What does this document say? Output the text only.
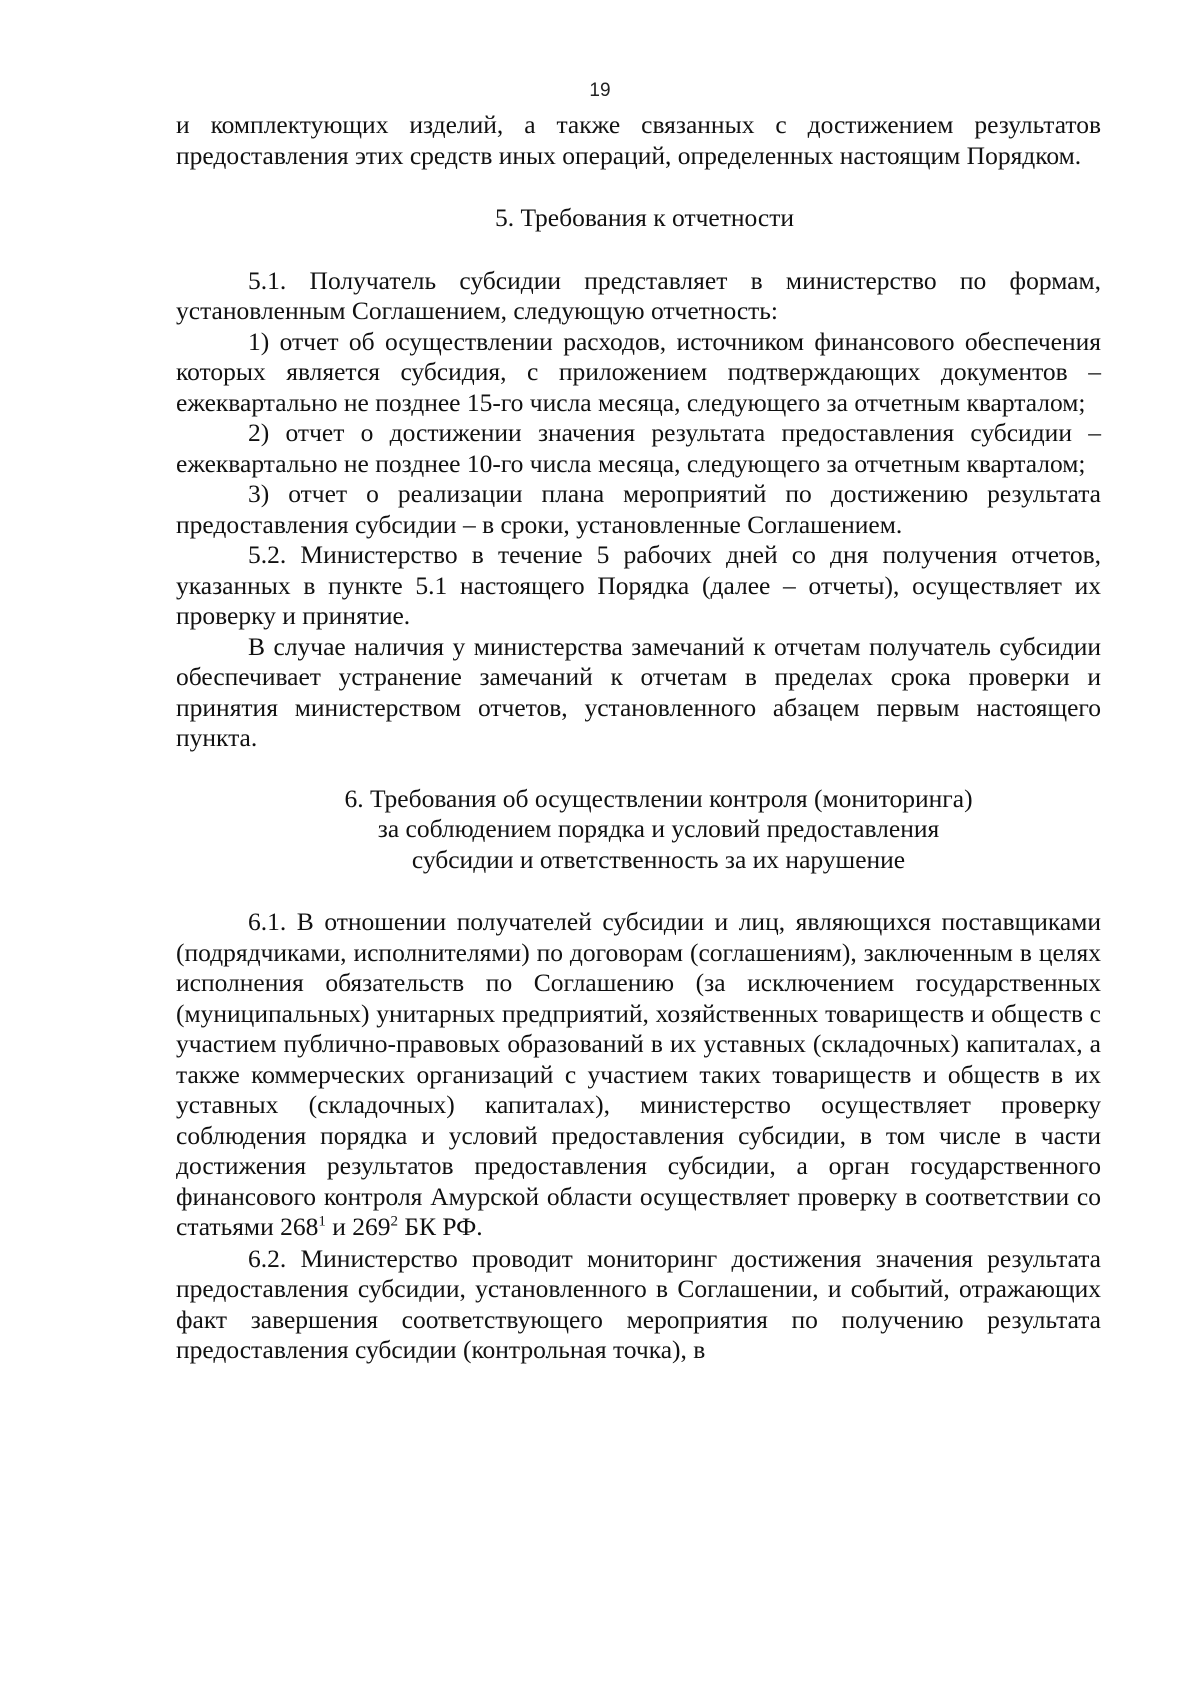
19

и комплектующих изделий, а также связанных с достижением результатов предоставления этих средств иных операций, определенных настоящим Порядком.

5. Требования к отчетности

5.1. Получатель субсидии представляет в министерство по формам, установленным Соглашением, следующую отчетность:

1) отчет об осуществлении расходов, источником финансового обеспечения которых является субсидия, с приложением подтверждающих документов – ежеквартально не позднее 15-го числа месяца, следующего за отчетным кварталом;

2) отчет о достижении значения результата предоставления субсидии – ежеквартально не позднее 10-го числа месяца, следующего за отчетным кварталом;

3) отчет о реализации плана мероприятий по достижению результата предоставления субсидии – в сроки, установленные Соглашением.

5.2. Министерство в течение 5 рабочих дней со дня получения отчетов, указанных в пункте 5.1 настоящего Порядка (далее – отчеты), осуществляет их проверку и принятие.

В случае наличия у министерства замечаний к отчетам получатель субсидии обеспечивает устранение замечаний к отчетам в пределах срока проверки и принятия министерством отчетов, установленного абзацем первым настоящего пункта.

6. Требования об осуществлении контроля (мониторинга)
за соблюдением порядка и условий предоставления
субсидии и ответственность за их нарушение

6.1. В отношении получателей субсидии и лиц, являющихся поставщиками (подрядчиками, исполнителями) по договорам (соглашениям), заключенным в целях исполнения обязательств по Соглашению (за исключением государственных (муниципальных) унитарных предприятий, хозяйственных товариществ и обществ с участием публично-правовых образований в их уставных (складочных) капиталах, а также коммерческих организаций с участием таких товариществ и обществ в их уставных (складочных) капиталах), министерство осуществляет проверку соблюдения порядка и условий предоставления субсидии, в том числе в части достижения результатов предоставления субсидии, а орган государственного финансового контроля Амурской области осуществляет проверку в соответствии со статьями $268^1$ и $269^2$ БК РФ.

6.2. Министерство проводит мониторинг достижения значения результата предоставления субсидии, установленного в Соглашении, и событий, отражающих факт завершения соответствующего мероприятия по получению результата предоставления субсидии (контрольная точка), в
